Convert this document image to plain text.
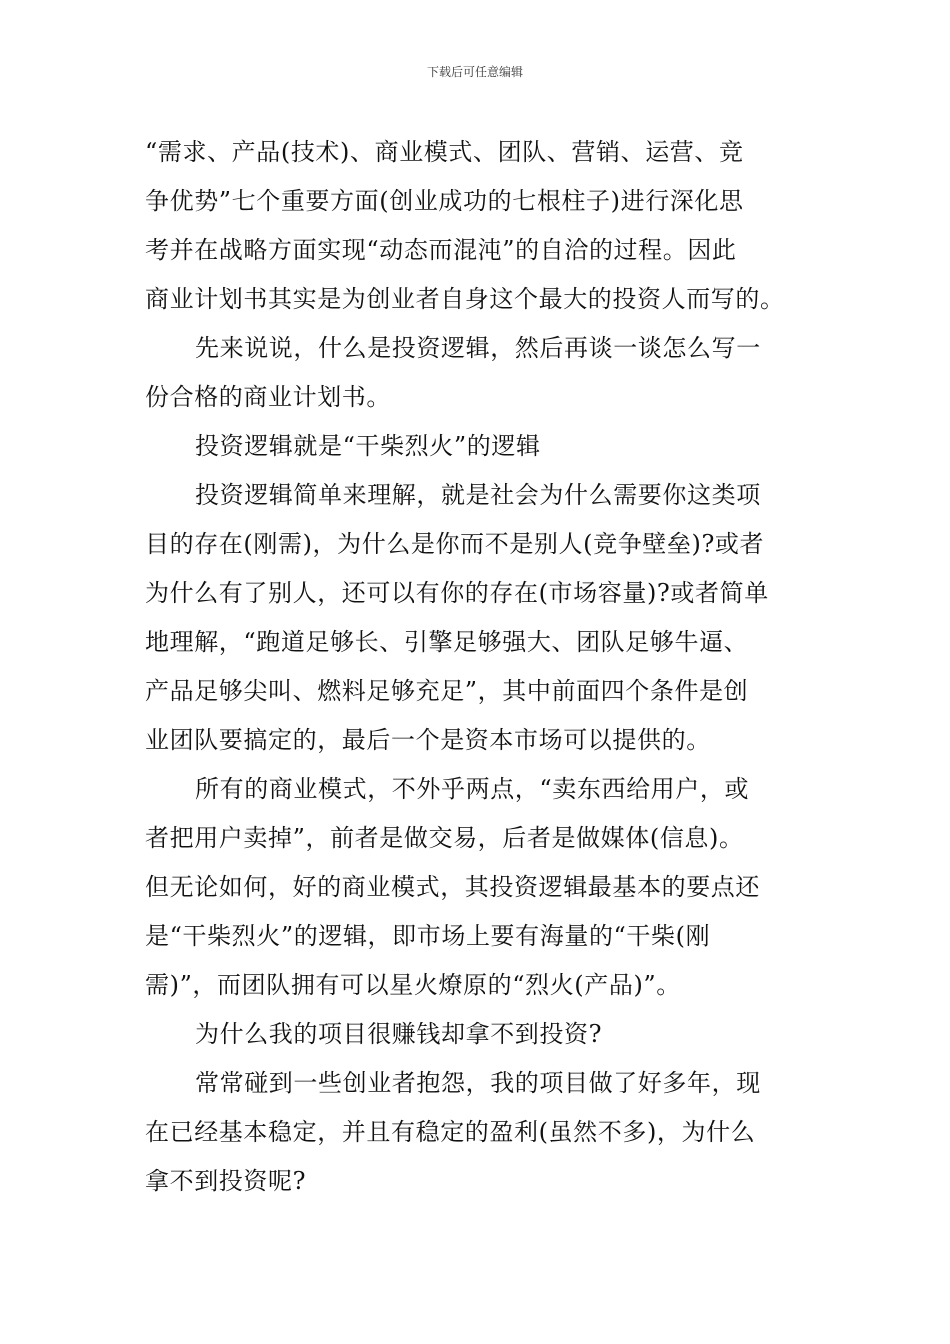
下载后可任意编辑

“需求、产品(技术)、商业模式、团队、营销、运营、竞
争优势”七个重要方面(创业成功的七根柱子)进行深化思
考并在战略方面实现“动态而混沌”的自洽的过程。因此
商业计划书其实是为创业者自身这个最大的投资人而写的。

先来说说，什么是投资逻辑，然后再谈一谈怎么写一
份合格的商业计划书。

投资逻辑就是“干柴烈火”的逻辑

投资逻辑简单来理解，就是社会为什么需要你这类项
目的存在(刚需)，为什么是你而不是别人(竞争壁垒)?或者
为什么有了别人，还可以有你的存在(市场容量)?或者简单
地理解，“跑道足够长、引擎足够强大、团队足够牛逼、
产品足够尖叫、燃料足够充足”，其中前面四个条件是创
业团队要搞定的，最后一个是资本市场可以提供的。

所有的商业模式，不外乎两点，“卖东西给用户，或
者把用户卖掉”，前者是做交易，后者是做媒体(信息)。
但无论如何，好的商业模式，其投资逻辑最基本的要点还
是“干柴烈火”的逻辑，即市场上要有海量的“干柴(刚
需)”，而团队拥有可以星火燎原的“烈火(产品)”。

为什么我的项目很赚钱却拿不到投资?

常常碰到一些创业者抱怨，我的项目做了好多年，现
在已经基本稳定，并且有稳定的盈利(虽然不多)，为什么
拿不到投资呢?
